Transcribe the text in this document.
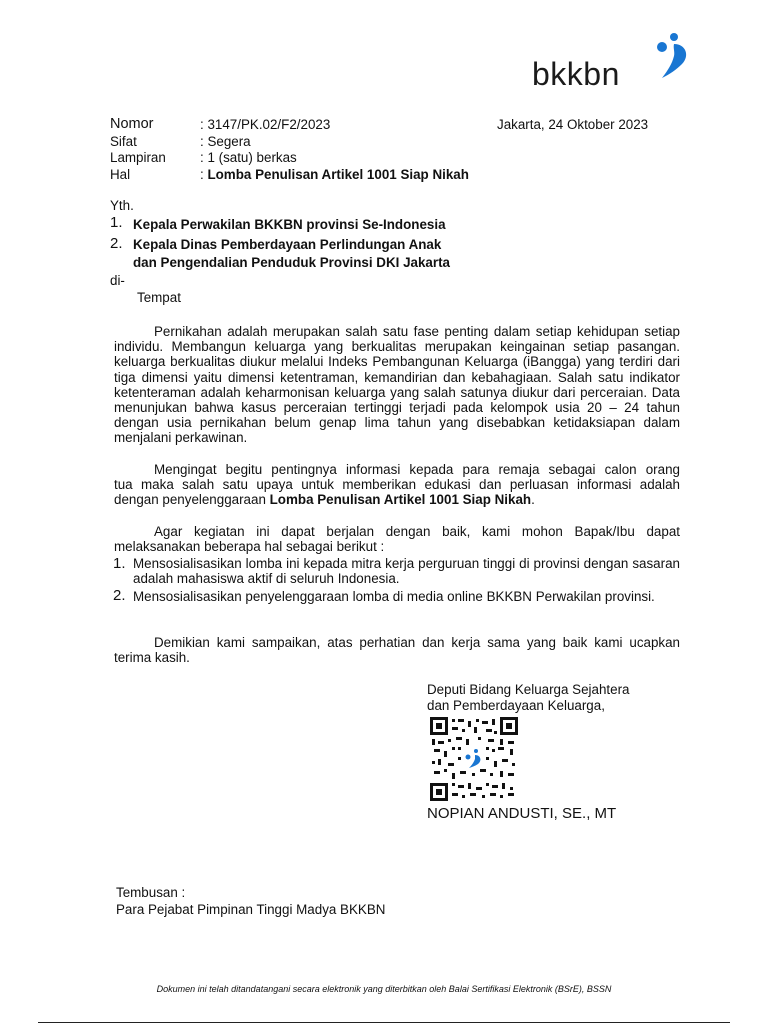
bkkbn
Nomor	: 3147/PK.02/F2/2023	Jakarta, 24 Oktober 2023
Sifat	: Segera
Lampiran	: 1 (satu) berkas
Hal	: Lomba Penulisan Artikel 1001 Siap Nikah
Yth.
1. Kepala Perwakilan BKKBN provinsi Se-Indonesia
2. Kepala Dinas Pemberdayaan Perlindungan Anak
dan Pengendalian Penduduk Provinsi DKI Jakarta
di-
Tempat
Pernikahan adalah merupakan salah satu fase penting dalam setiap kehidupan setiap individu. Membangun keluarga yang berkualitas merupakan keingainan setiap pasangan. keluarga berkualitas diukur melalui Indeks Pembangunan Keluarga (iBangga) yang terdiri dari tiga dimensi yaitu dimensi ketentraman, kemandirian dan kebahagiaan. Salah satu indikator ketenteraman adalah keharmonisan keluarga yang salah satunya diukur dari perceraian. Data menunjukan bahwa kasus perceraian tertinggi terjadi pada kelompok usia 20 – 24 tahun dengan usia pernikahan belum genap lima tahun yang disebabkan ketidaksiapan dalam menjalani perkawinan.
Mengingat begitu pentingnya informasi kepada para remaja sebagai calon orang
tua maka salah satu upaya untuk memberikan edukasi dan perluasan informasi adalah
dengan penyelenggaraan Lomba Penulisan Artikel 1001 Siap Nikah.
Agar kegiatan ini dapat berjalan dengan baik, kami mohon Bapak/Ibu dapat melaksanakan beberapa hal sebagai berikut :
1. Mensosialisasikan lomba ini kepada mitra kerja perguruan tinggi di provinsi dengan sasaran adalah mahasiswa aktif di seluruh Indonesia.
2. Mensosialisasikan penyelenggaraan lomba di media online BKKBN Perwakilan provinsi.
Demikian kami sampaikan, atas perhatian dan kerja sama yang baik kami ucapkan terima kasih.
Deputi Bidang Keluarga Sejahtera
dan Pemberdayaan Keluarga,
NOPIAN ANDUSTI, SE., MT
Tembusan :
Para Pejabat Pimpinan Tinggi Madya BKKBN
Dokumen ini telah ditandatangani secara elektronik yang diterbitkan oleh Balai Sertifikasi Elektronik (BSrE), BSSN
